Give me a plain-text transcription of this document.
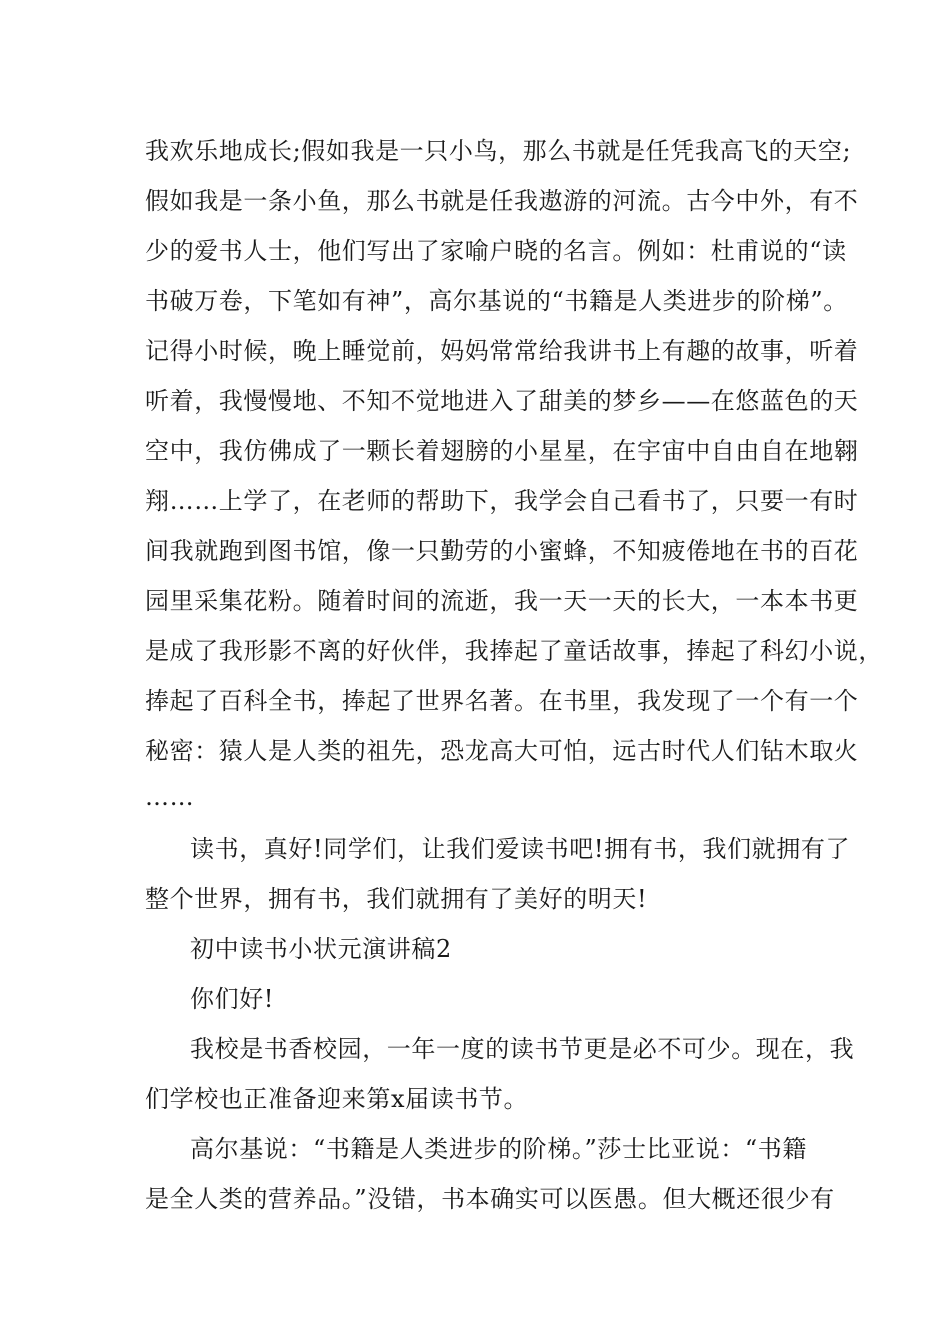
我欢乐地成长;假如我是一只小鸟，那么书就是任凭我高飞的天空;
假如我是一条小鱼，那么书就是任我遨游的河流。古今中外，有不
少的爱书人士，他们写出了家喻户晓的名言。例如：杜甫说的“读
书破万卷，下笔如有神”，高尔基说的“书籍是人类进步的阶梯”。
记得小时候，晚上睡觉前，妈妈常常给我讲书上有趣的故事，听着
听着，我慢慢地、不知不觉地进入了甜美的梦乡——在悠蓝色的天
空中，我仿佛成了一颗长着翅膀的小星星，在宇宙中自由自在地翱
翔……上学了，在老师的帮助下，我学会自己看书了，只要一有时
间我就跑到图书馆，像一只勤劳的小蜜蜂，不知疲倦地在书的百花
园里采集花粉。随着时间的流逝，我一天一天的长大，一本本书更
是成了我形影不离的好伙伴，我捧起了童话故事，捧起了科幻小说，
捧起了百科全书，捧起了世界名著。在书里，我发现了一个有一个
秘密：猿人是人类的祖先，恐龙高大可怕，远古时代人们钻木取火
……
读书，真好!同学们，让我们爱读书吧!拥有书，我们就拥有了
整个世界，拥有书，我们就拥有了美好的明天!
初中读书小状元演讲稿2
你们好!
我校是书香校园，一年一度的读书节更是必不可少。现在，我
们学校也正准备迎来第x届读书节。
高尔基说：“书籍是人类进步的阶梯。”莎士比亚说：“书籍
是全人类的营养品。”没错，书本确实可以医愚。但大概还很少有
